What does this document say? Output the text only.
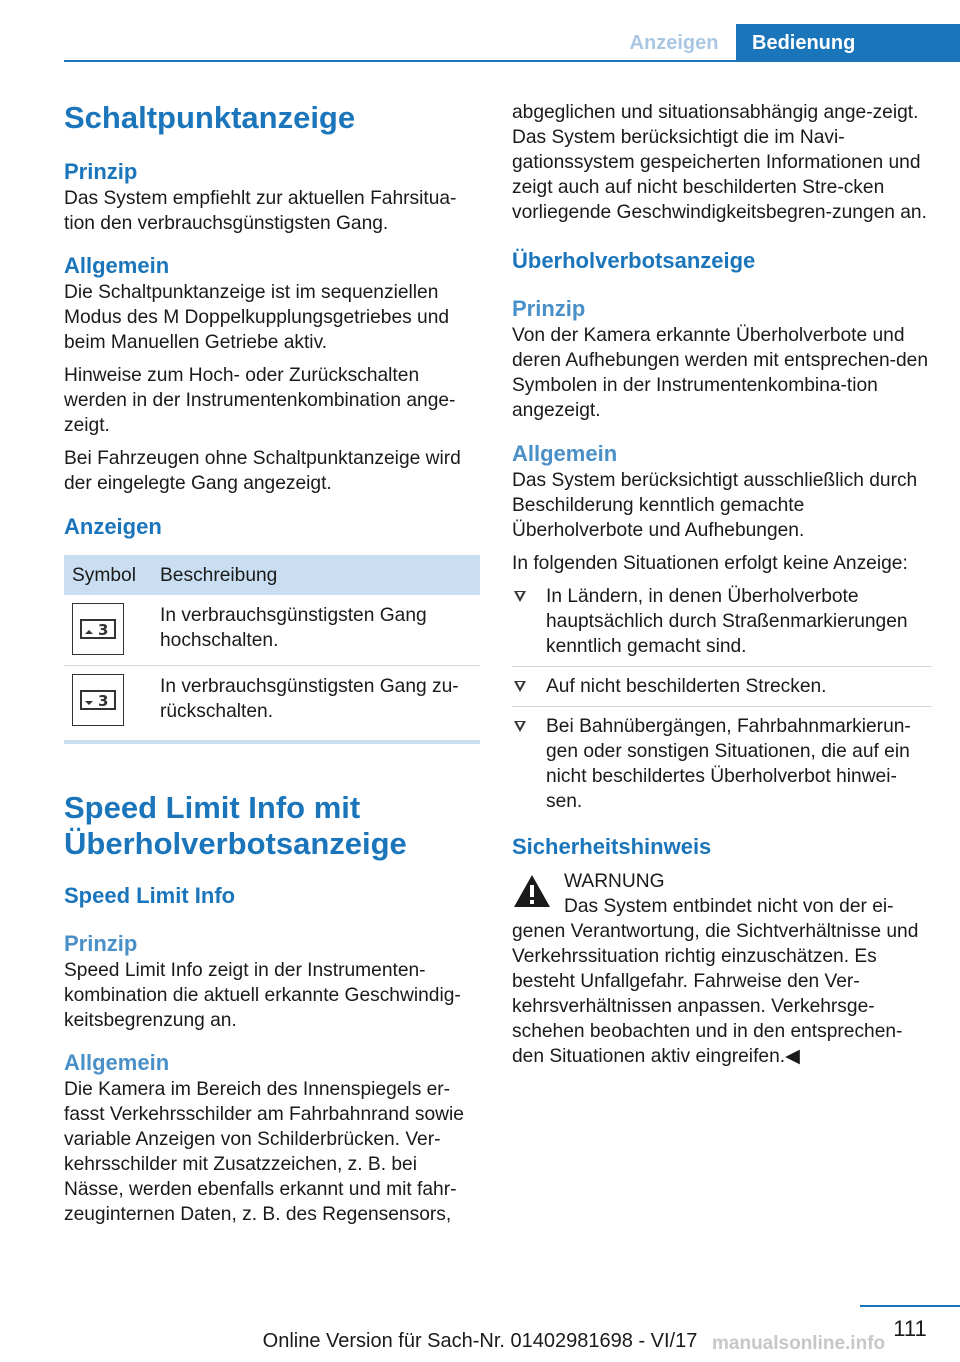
Anzeigen	Bedienung
Schaltpunktanzeige
Prinzip

Das System empfiehlt zur aktuellen Fahrsitua-
tion den verbrauchsgünstigsten Gang.

Allgemein

Die Schaltpunktanzeige ist im sequenziellen Modus des M Doppelkupplungsgetriebes und beim Manuellen Getriebe aktiv.

Hinweise zum Hoch- oder Zurückschalten werden in der Instrumentenkombination ange-zeigt.

Bei Fahrzeugen ohne Schaltpunktanzeige wird der eingelegte Gang angezeigt.

Anzeigen
Symbol	Beschreibung

3	In verbrauchsgünstigsten Gang hochschalten.

3	In verbrauchsgünstigsten Gang zu-rückschalten.
Speed Limit Info mit
Überholverbotsanzeige
Speed Limit Info
Prinzip

Speed Limit Info zeigt in der Instrumenten-kombination die aktuell erkannte Geschwindig-keitsbegrenzung an.

Allgemein

Die Kamera im Bereich des Innenspiegels er-fasst Verkehrsschilder am Fahrbahnrand sowie variable Anzeigen von Schilderbrücken. Ver-kehrsschilder mit Zusatzzeichen, z. B. bei Nässe, werden ebenfalls erkannt und mit fahr-zeuginternen Daten, z. B. des Regensensors,

abgeglichen und situationsabhängig ange-zeigt. Das System berücksichtigt die im Navi-gationssystem gespeicherten Informationen und zeigt auch auf nicht beschilderten Stre-cken vorliegende Geschwindigkeitsbegren-zungen an.

Überholverbotsanzeige
Prinzip

Von der Kamera erkannte Überholverbote und deren Aufhebungen werden mit entsprechen-den Symbolen in der Instrumentenkombina-tion angezeigt.

Allgemein

Das System berücksichtigt ausschließlich durch Beschilderung kenntlich gemachte Überholverbote und Aufhebungen.

In folgenden Situationen erfolgt keine Anzeige:

In Ländern, in denen Überholverbote hauptsächlich durch Straßenmarkierungen kenntlich gemacht sind.
Auf nicht beschilderten Strecken.
Bei Bahnübergängen, Fahrbahnmarkierun-gen oder sonstigen Situationen, die auf ein nicht beschildertes Überholverbot hinwei-sen.
Sicherheitshinweis

WARNUNG

Das System entbindet nicht von der ei-genen Verantwortung, die Sichtverhältnisse und Verkehrssituation richtig einzuschätzen. Es besteht Unfallgefahr. Fahrweise den Ver-kehrsverhältnissen anpassen. Verkehrsge-schehen beobachten und in den entsprechen-den Situationen aktiv eingreifen.◀

111
manualsonline.info
Online Version für Sach-Nr. 01402981698 - VI/17
